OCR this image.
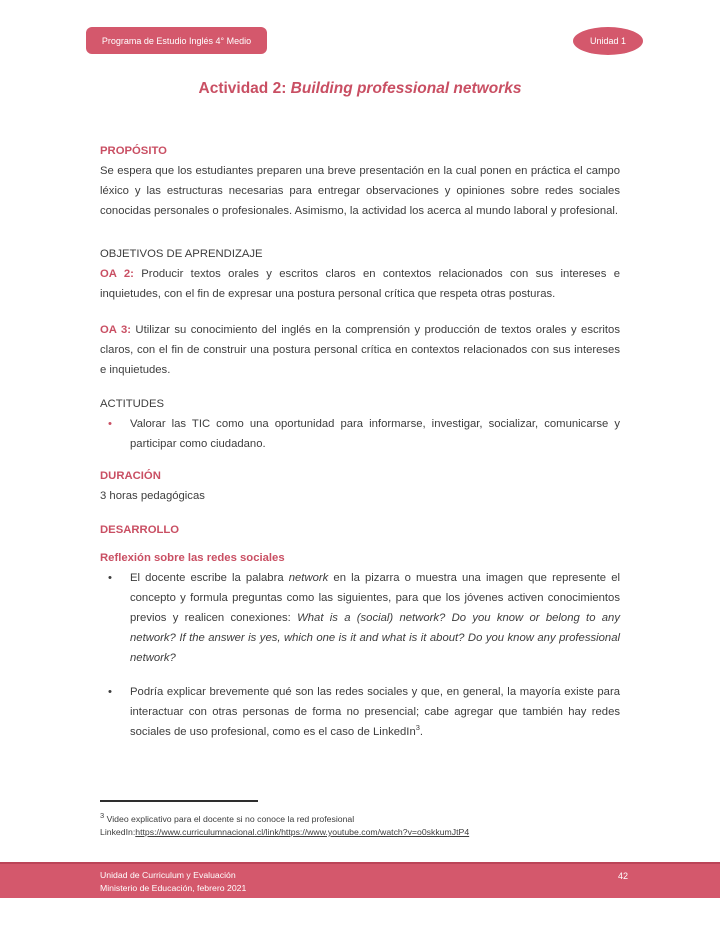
Programa de Estudio Inglés 4° Medio	Unidad 1
Actividad 2: Building professional networks
PROPÓSITO

Se espera que los estudiantes preparen una breve presentación en la cual ponen en práctica el campo léxico y las estructuras necesarias para entregar observaciones y opiniones sobre redes sociales conocidas personales o profesionales. Asimismo, la actividad los acerca al mundo laboral y profesional.

OBJETIVOS DE APRENDIZAJE

OA 2: Producir textos orales y escritos claros en contextos relacionados con sus intereses e inquietudes, con el fin de expresar una postura personal crítica que respeta otras posturas.

OA 3: Utilizar su conocimiento del inglés en la comprensión y producción de textos orales y escritos claros, con el fin de construir una postura personal crítica en contextos relacionados con sus intereses e inquietudes.

ACTITUDES
•	Valorar las TIC como una oportunidad para informarse, investigar, socializar, comunicarse y participar como ciudadano.
DURACIÓN
3 horas pedagógicas
DESARROLLO
Reflexión sobre las redes sociales
•	El docente escribe la palabra network en la pizarra o muestra una imagen que represente el concepto y formula preguntas como las siguientes, para que los jóvenes activen conocimientos previos y realicen conexiones: What is a (social) network? Do you know or belong to any network? If the answer is yes, which one is it and what is it about? Do you know any professional network?
•	Podría explicar brevemente qué son las redes sociales y que, en general, la mayoría existe para interactuar con otras personas de forma no presencial; cabe agregar que también hay redes sociales de uso profesional, como es el caso de LinkedIn$^3$.
$^3$ Video explicativo para el docente si no conoce la red profesional
LinkedIn:https://www.curriculumnacional.cl/link/https://www.youtube.com/watch?v=o0skkumJtP4
Unidad de Curriculum y Evaluación
Ministerio de Educación, febrero 2021
42
